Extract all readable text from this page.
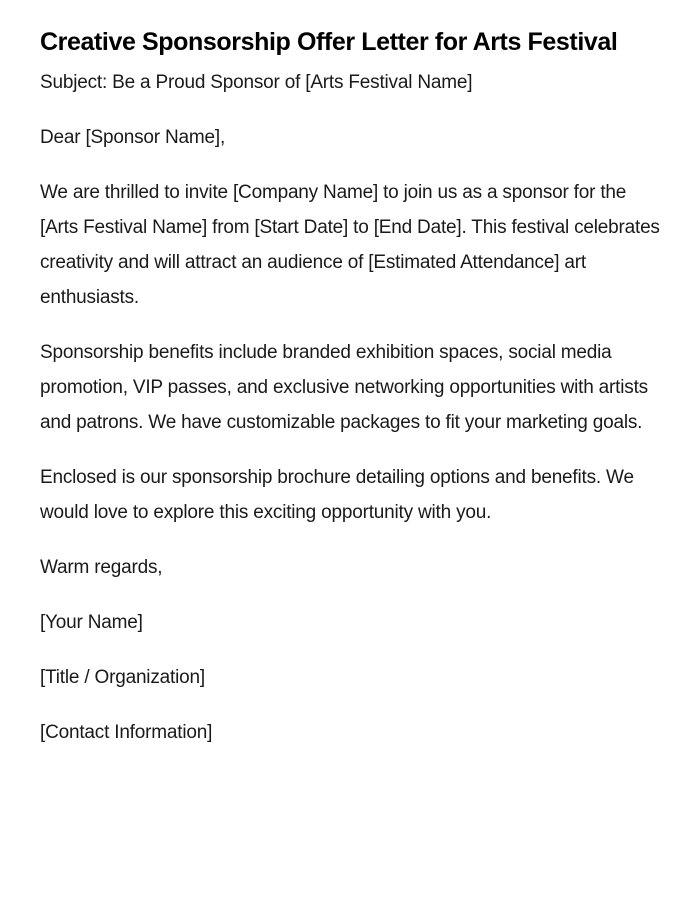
Creative Sponsorship Offer Letter for Arts Festival

Subject: Be a Proud Sponsor of [Arts Festival Name]

Dear [Sponsor Name],

We are thrilled to invite [Company Name] to join us as a sponsor for the [Arts Festival Name] from [Start Date] to [End Date]. This festival celebrates creativity and will attract an audience of [Estimated Attendance] art enthusiasts.

Sponsorship benefits include branded exhibition spaces, social media promotion, VIP passes, and exclusive networking opportunities with artists and patrons. We have customizable packages to fit your marketing goals.

Enclosed is our sponsorship brochure detailing options and benefits. We would love to explore this exciting opportunity with you.

Warm regards,

[Your Name]

[Title / Organization]

[Contact Information]
